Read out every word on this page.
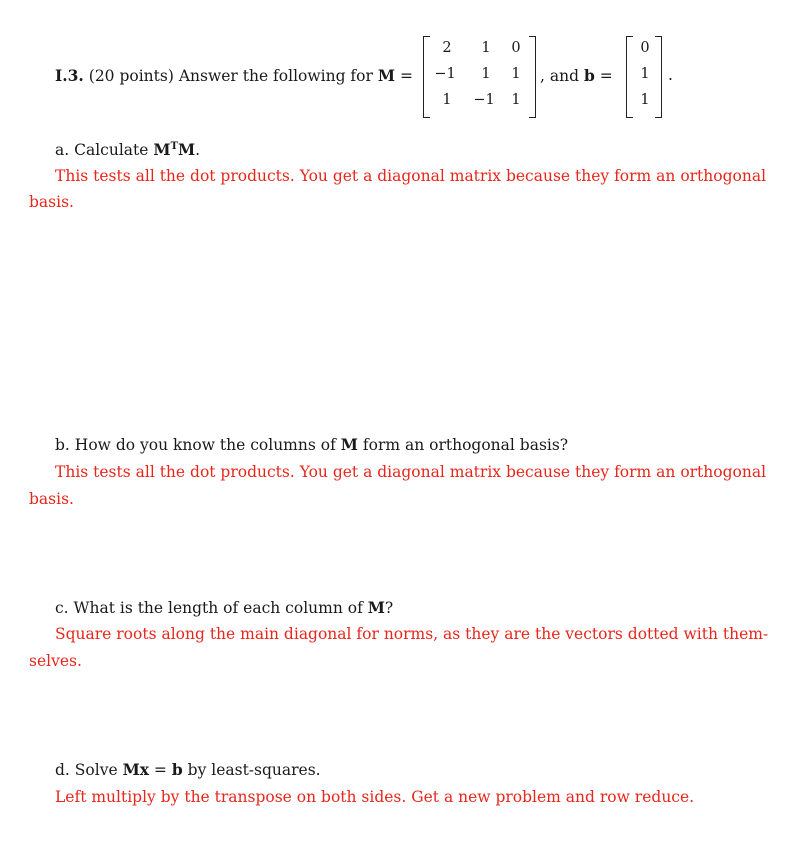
I.3. (20 points) Answer the following for M =
2	1	0
−1	1	1
1	−1	1
, and b =
0
1
1
.
a. Calculate $M^TM$.
This tests all the dot products. You get a diagonal matrix because they form an orthogonal
basis.
b. How do you know the columns of M form an orthogonal basis?
This tests all the dot products. You get a diagonal matrix because they form an orthogonal
basis.
c. What is the length of each column of M?
Square roots along the main diagonal for norms, as they are the vectors dotted with them-
selves.
d. Solve Mx = b by least-squares.
Left multiply by the transpose on both sides. Get a new problem and row reduce.
